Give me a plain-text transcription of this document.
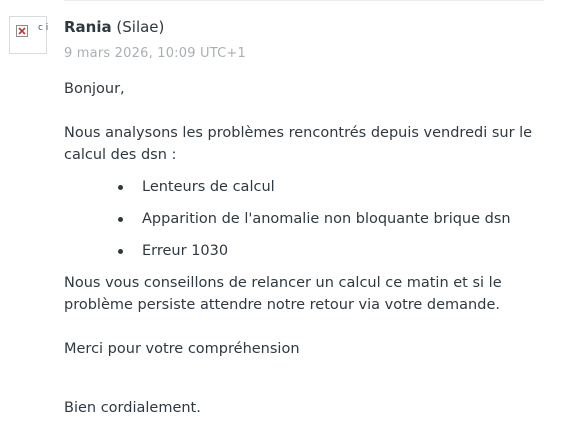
c i Rania (Silae)
9 mars 2026, 10:09 UTC+1
Bonjour,
Nous analysons les problèmes rencontrés depuis vendredi sur le calcul des dsn :
Lenteurs de calcul
Apparition de l'anomalie non bloquante brique dsn
Erreur 1030
Nous vous conseillons de relancer un calcul ce matin et si le problème persiste attendre notre retour via votre demande.
Merci pour votre compréhension
Bien cordialement.
